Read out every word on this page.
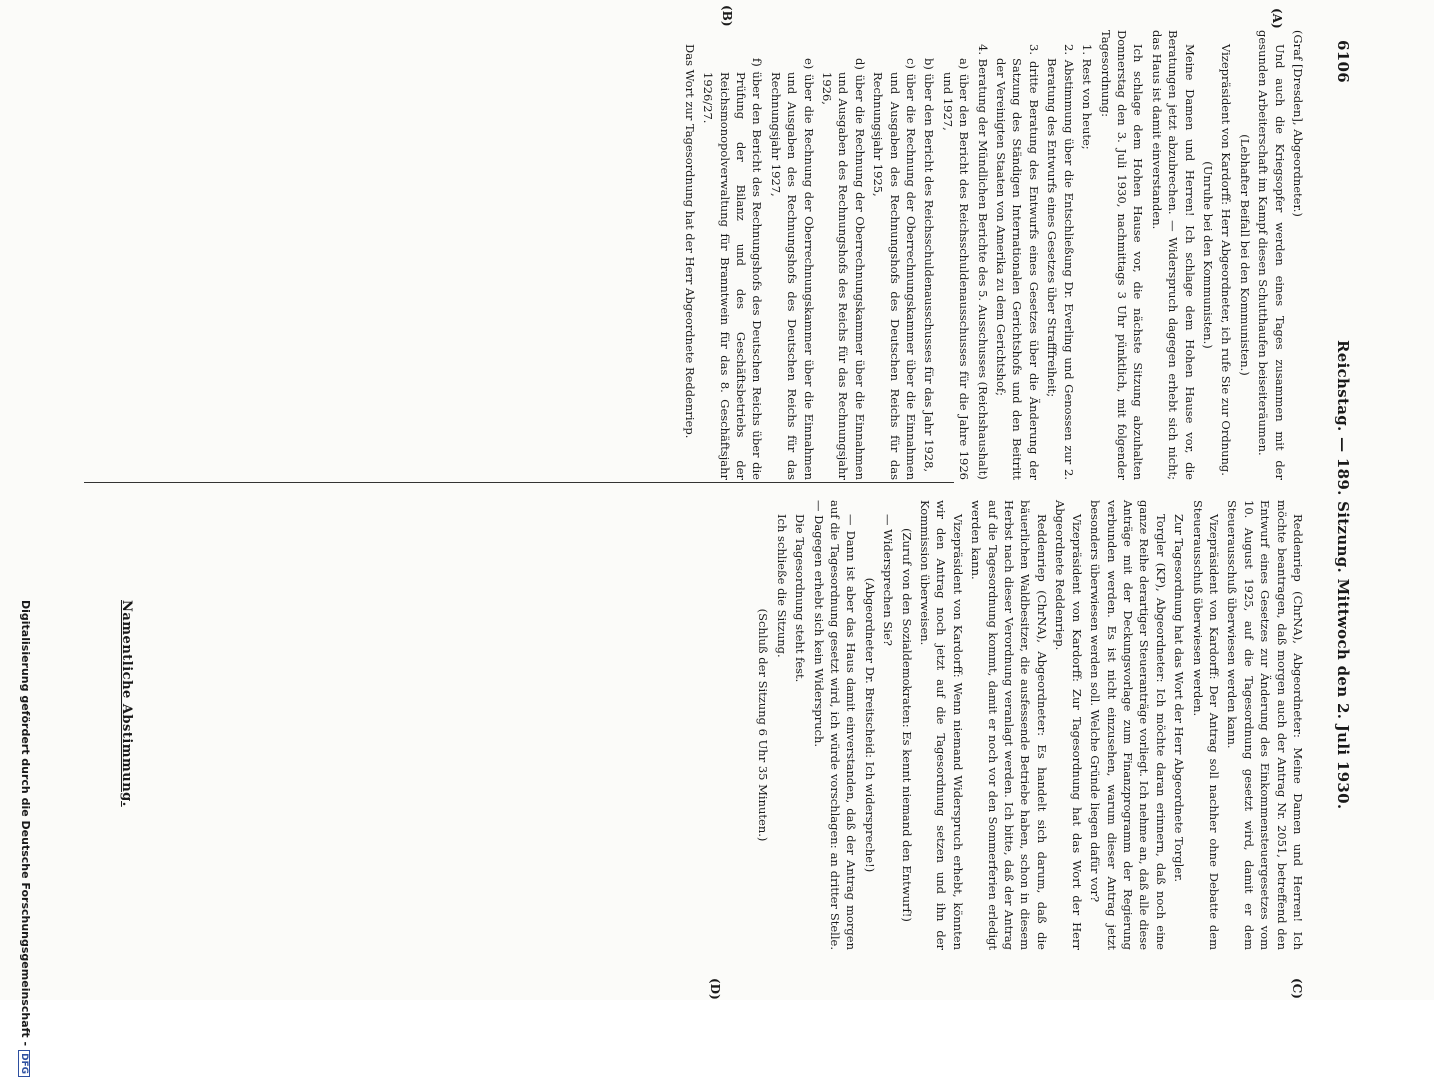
6106
Reichstag. — 189. Sitzung. Mittwoch den 2. Juli 1930.
(A)
(B)
(C)
(D)

(Graf [Dresden], Abgeordneter.)

Und auch die Kriegsopfer werden eines Tages zusammen mit der gesunden Arbeiterschaft im Kampf diesen Schutthaufen beiseiteräumen.

(Lebhafter Beifall bei den Kommunisten.)

Vizepräsident von Kardorff: Herr Abgeordneter, ich rufe Sie zur Ordnung.

(Unruhe bei den Kommunisten.)

Meine Damen und Herren! Ich schlage dem Hohen Hause vor, die Beratungen jetzt abzubrechen. — Widerspruch dagegen erhebt sich nicht; das Haus ist damit einverstanden.

Ich schlage dem Hohen Hause vor, die nächste Sitzung abzuhalten Donnerstag den 3. Juli 1930, nachmittags 3 Uhr pünktlich, mit folgender Tagesordnung:

1. Rest von heute;

2. Abstimmung über die Entschließung Dr. Everling und Genossen zur 2. Beratung des Entwurfs eines Gesetzes über Strafffreiheit;

3. dritte Beratung des Entwurfs eines Gesetzes über die Änderung der Satzung des Ständigen Internationalen Gerichtshofs und den Beitritt der Vereinigten Staaten von Amerika zu dem Gerichtshof;

4. Beratung der Mündlichen Berichte des 5. Ausschusses (Reichshaushalt)

a) über den Bericht des Reichsschuldenausschusses für die Jahre 1926 und 1927,

b) über den Bericht des Reichsschuldenausschusses für das Jahr 1928,

c) über die Rechnung der Oberrechnungskammer über die Einnahmen und Ausgaben des Rechnungshofs des Deutschen Reichs für das Rechnungsjahr 1925,

d) über die Rechnung der Oberrechnungskammer über die Einnahmen und Ausgaben des Rechnungshofs des Reichs für das Rechnungsjahr 1926,

e) über die Rechnung der Oberrechnungskammer über die Einnahmen und Ausgaben des Rechnungshofs des Deutschen Reichs für das Rechnungsjahr 1927,

f) über den Bericht des Rechnungshofs des Deutschen Reichs über die Prüfung der Bilanz und des Geschäftsbetriebs der Reichsmonopolverwaltung für Branntwein für das 8. Geschäftsjahr 1926/27.

Das Wort zur Tagesordnung hat der Herr Abgeordnete Reddenriep.

Reddenriep (ChrNA), Abgeordneter: Meine Damen und Herren! Ich möchte beantragen, daß morgen auch der Antrag Nr. 2051, betreffend den Entwurf eines Gesetzes zur Änderung des Einkommensteuergesetzes vom 10. August 1925, auf die Tagesordnung gesetzt wird, damit er dem Steuerausschuß überwiesen werden kann.

Vizepräsident von Kardorff: Der Antrag soll nachher ohne Debatte dem Steuerausschuß überwiesen werden.

Zur Tagesordnung hat das Wort der Herr Abgeordnete Torgler.

Torgler (KP), Abgeordneter: Ich möchte daran erinnern, daß noch eine ganze Reihe derartiger Steueranträge vorliegt. Ich nehme an, daß alle diese Anträge mit der Deckungsvorlage zum Finanzprogramm der Regierung verbunden werden. Es ist nicht einzusehen, warum dieser Antrag jetzt besonders überwiesen werden soll. Welche Gründe liegen dafür vor?

Vizepräsident von Kardorff: Zur Tagesordnung hat das Wort der Herr Abgeordnete Reddenriep.

Reddenriep (ChrNA), Abgeordneter: Es handelt sich darum, daß die bäuerlichen Waldbesitzer, die ausfessende Betriebe haben, schon in diesem Herbst nach dieser Verordnung veranlagt werden. Ich bitte, daß der Antrag auf die Tagesordnung kommt, damit er noch vor den Sommerferien erledigt werden kann.

Vizepräsident von Kardorff: Wenn niemand Widerspruch erhebt, könnten wir den Antrag noch jetzt auf die Tagesordnung setzen und ihn der Kommission überweisen.

(Zuruf von den Sozialdemokraten: Es kennt niemand den Entwurf!)

— Widersprechen Sie?

(Abgeordneter Dr. Breitscheid: Ich widerspreche!)

— Dann ist aber das Haus damit einverstanden, daß der Antrag morgen auf die Tagesordnung gesetzt wird, ich würde vorschlagen: an dritter Stelle. — Dagegen erhebt sich kein Widerspruch.

Die Tagesordnung steht fest.

Ich schließe die Sitzung.

(Schluß der Sitzung 6 Uhr 35 Minuten.)

Namentliche Abstimmung.
Digitalisierung gefördert durch die Deutsche Forschungsgemeinschaft -DFG
